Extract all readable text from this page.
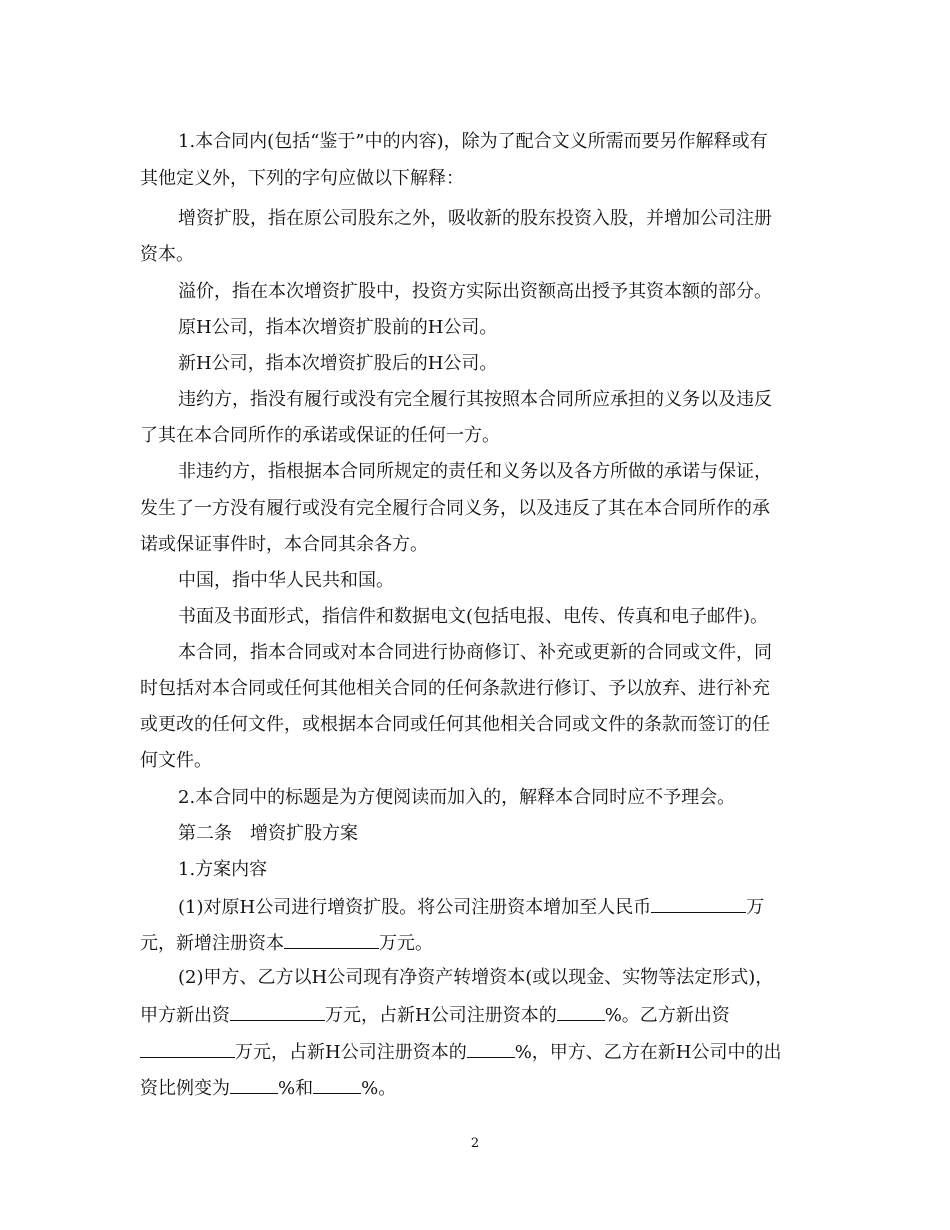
1.本合同内(包括“鉴于”中的内容)，除为了配合文义所需而要另作解释或有
其他定义外，下列的字句应做以下解释：
增资扩股，指在原公司股东之外，吸收新的股东投资入股，并增加公司注册
资本。
溢价，指在本次增资扩股中，投资方实际出资额高出授予其资本额的部分。
原H公司，指本次增资扩股前的H公司。
新H公司，指本次增资扩股后的H公司。
违约方，指没有履行或没有完全履行其按照本合同所应承担的义务以及违反
了其在本合同所作的承诺或保证的任何一方。
非违约方，指根据本合同所规定的责任和义务以及各方所做的承诺与保证，
发生了一方没有履行或没有完全履行合同义务，以及违反了其在本合同所作的承
诺或保证事件时，本合同其余各方。
中国，指中华人民共和国。
书面及书面形式，指信件和数据电文(包括电报、电传、传真和电子邮件)。
本合同，指本合同或对本合同进行协商修订、补充或更新的合同或文件，同
时包括对本合同或任何其他相关合同的任何条款进行修订、予以放弃、进行补充
或更改的任何文件，或根据本合同或任何其他相关合同或文件的条款而签订的任
何文件。
2.本合同中的标题是为方便阅读而加入的，解释本合同时应不予理会。
第二条　增资扩股方案
1.方案内容
(1)对原H公司进行增资扩股。将公司注册资本增加至人民币	万
元，新增注册资本	万元。
(2)甲方、乙方以H公司现有净资产转增资本(或以现金、实物等法定形式)，
甲方新出资	万元，占新H公司注册资本的	%。乙方新出资
万元，占新H公司注册资本的	%，甲方、乙方在新H公司中的出
资比例变为	%和	%。
2
